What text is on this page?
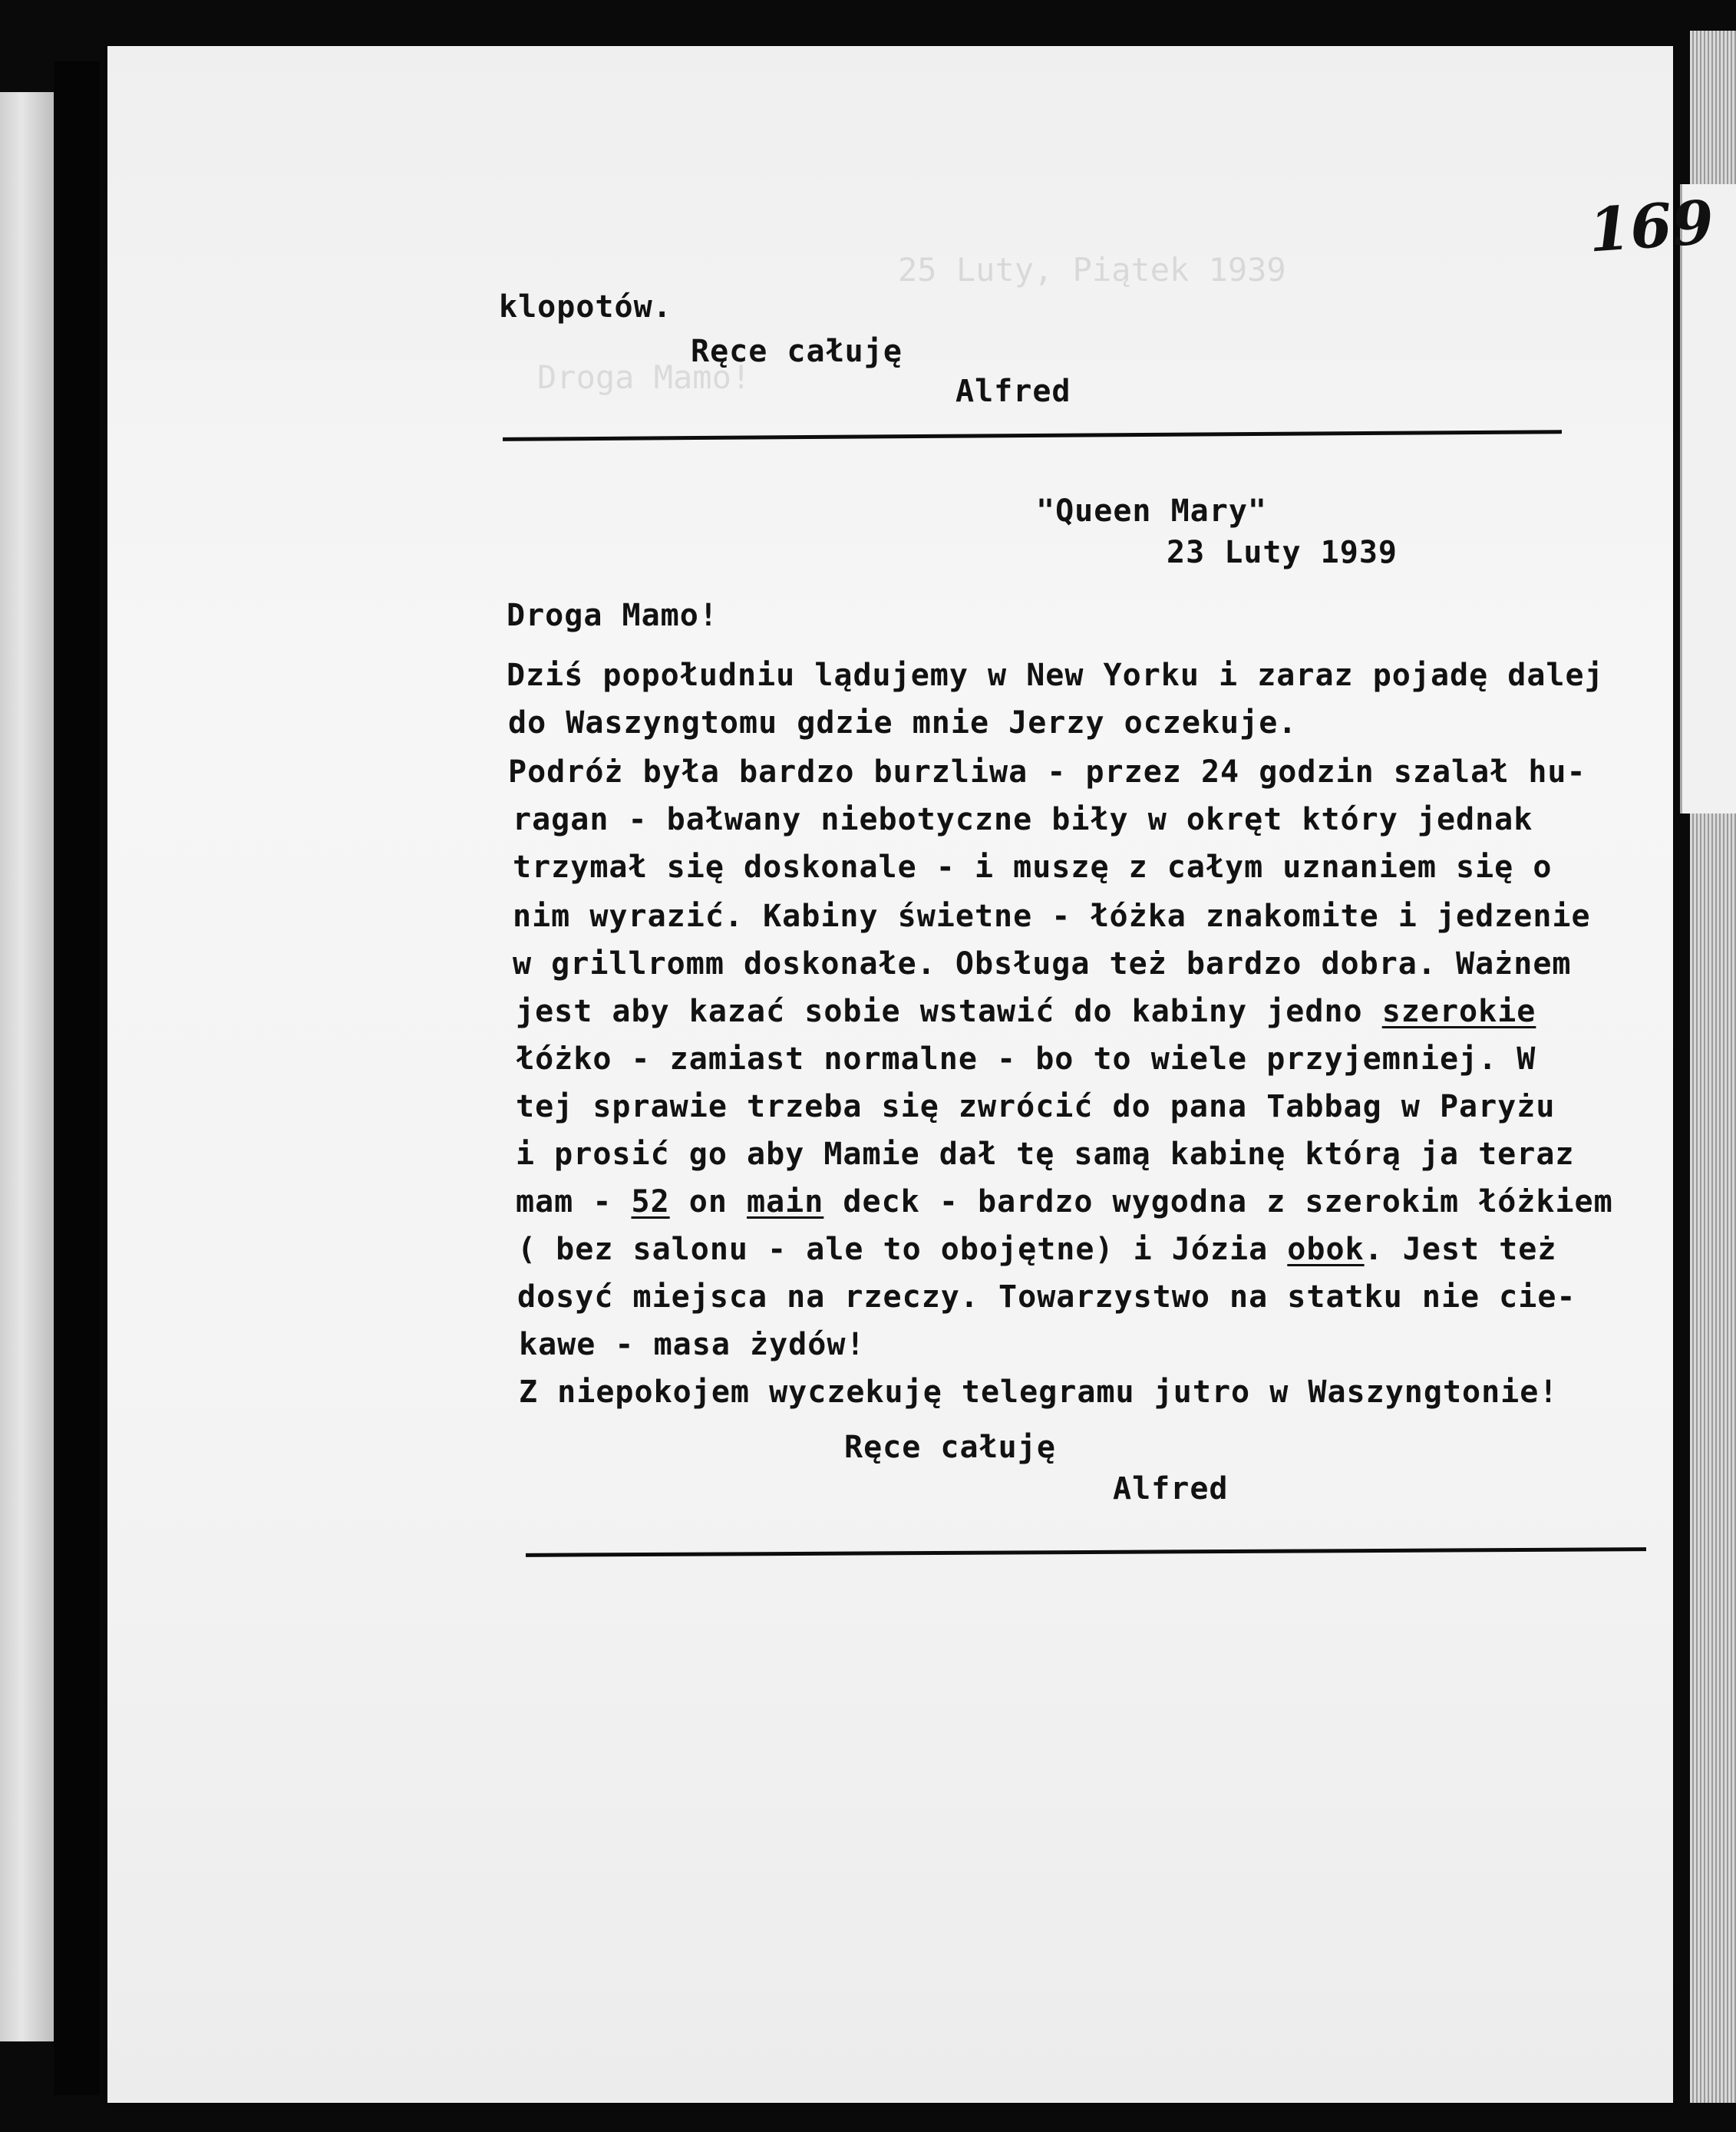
169
25 Luty, Piątek 1939
Droga Mamo!
klopotów.
Ręce całuję
Alfred
"Queen Mary"
23 Luty 1939
Droga Mamo!
Dziś popołudniu lądujemy w New Yorku i zaraz pojadę dalej
do Waszyngtomu gdzie mnie Jerzy oczekuje.
Podróż była bardzo burzliwa - przez 24 godzin szalał hu-
ragan - bałwany niebotyczne biły w okręt który jednak
trzymał się doskonale - i muszę z całym uznaniem się o
nim wyrazić. Kabiny świetne - łóżka znakomite i jedzenie
w grillromm doskonałe. Obsługa też bardzo dobra. Ważnem
jest aby kazać sobie wstawić do kabiny jedno szerokie
łóżko - zamiast normalne - bo to wiele przyjemniej. W
tej sprawie trzeba się zwrócić do pana Tabbag w Paryżu
i prosić go aby Mamie dał tę samą kabinę którą ja teraz
mam - 52 on main deck - bardzo wygodna z szerokim łóżkiem
( bez salonu - ale to obojętne) i Józia obok. Jest też
dosyć miejsca na rzeczy. Towarzystwo na statku nie cie-
kawe - masa żydów!
Z niepokojem wyczekuję telegramu jutro w Waszyngtonie!
Ręce całuję
Alfred
